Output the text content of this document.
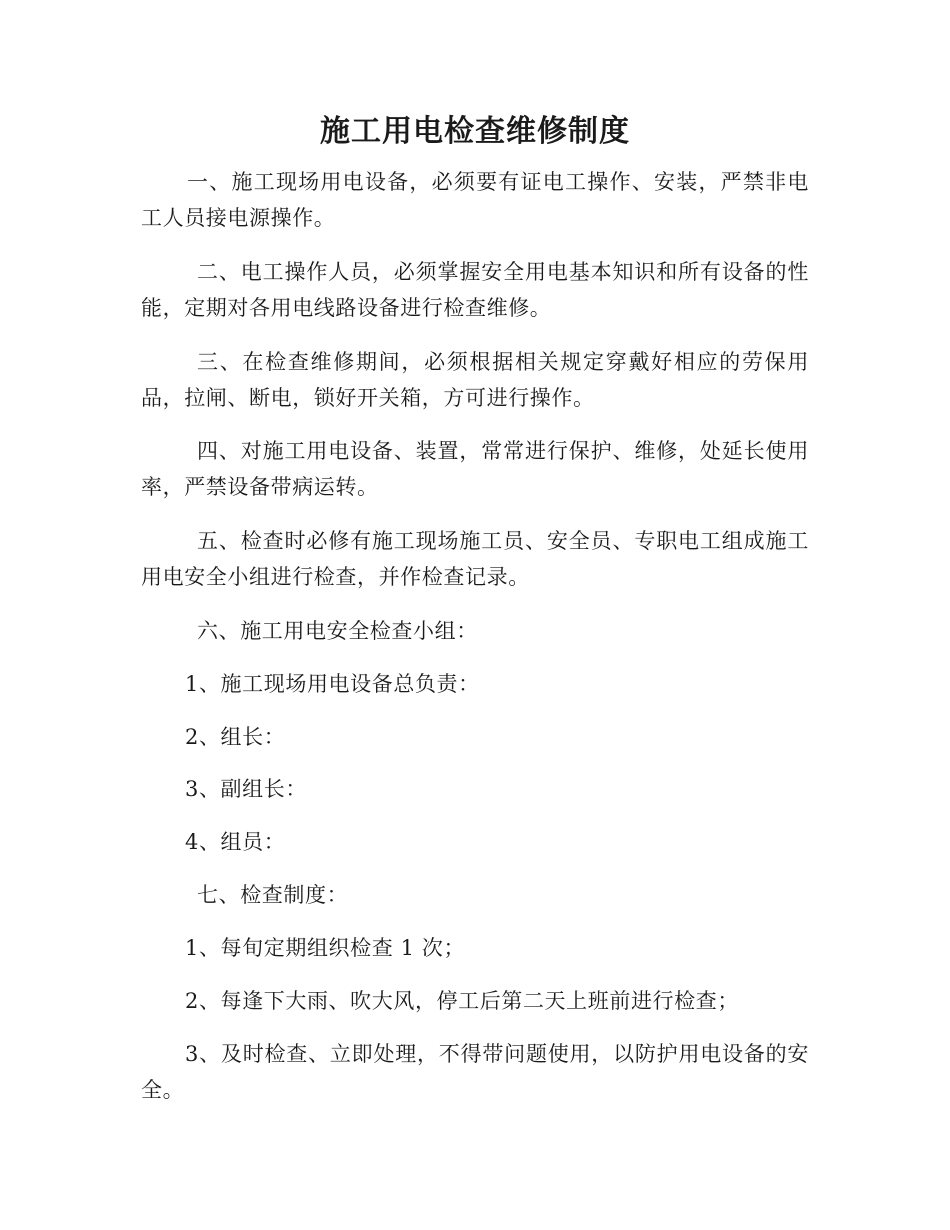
施工用电检查维修制度

一、施工现场用电设备，必须要有证电工操作、安装，严禁非电工人员接电源操作。

二、电工操作人员，必须掌握安全用电基本知识和所有设备的性能，定期对各用电线路设备进行检查维修。

三、在检查维修期间，必须根据相关规定穿戴好相应的劳保用品，拉闸、断电，锁好开关箱，方可进行操作。

四、对施工用电设备、装置，常常进行保护、维修，处延长使用率，严禁设备带病运转。

五、检查时必修有施工现场施工员、安全员、专职电工组成施工用电安全小组进行检查，并作检查记录。

六、施工用电安全检查小组：

1、施工现场用电设备总负责：

2、组长：

3、副组长：

4、组员：

七、检查制度：

1、每旬定期组织检查 1 次；

2、每逢下大雨、吹大风，停工后第二天上班前进行检查；

3、及时检查、立即处理，不得带问题使用，以防护用电设备的安全。
